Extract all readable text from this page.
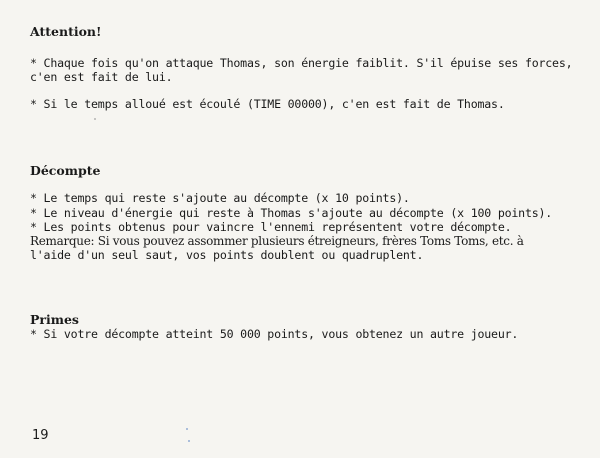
Attention!
* Chaque fois qu'on attaque Thomas, son énergie faiblit. S'il épuise ses forces,
c'en est fait de lui.
* Si le temps alloué est écoulé (TIME 00000), c'en est fait de Thomas.
Décompte
* Le temps qui reste s'ajoute au décompte (x 10 points).
* Le niveau d'énergie qui reste à Thomas s'ajoute au décompte (x 100 points).
* Les points obtenus pour vaincre l'ennemi représentent votre décompte.
Remarque: Si vous pouvez assommer plusieurs étreigneurs, frères Toms Toms, etc. à
l'aide d'un seul saut, vos points doublent ou quadruplent.
Primes
* Si votre décompte atteint 50 000 points, vous obtenez un autre joueur.
19
